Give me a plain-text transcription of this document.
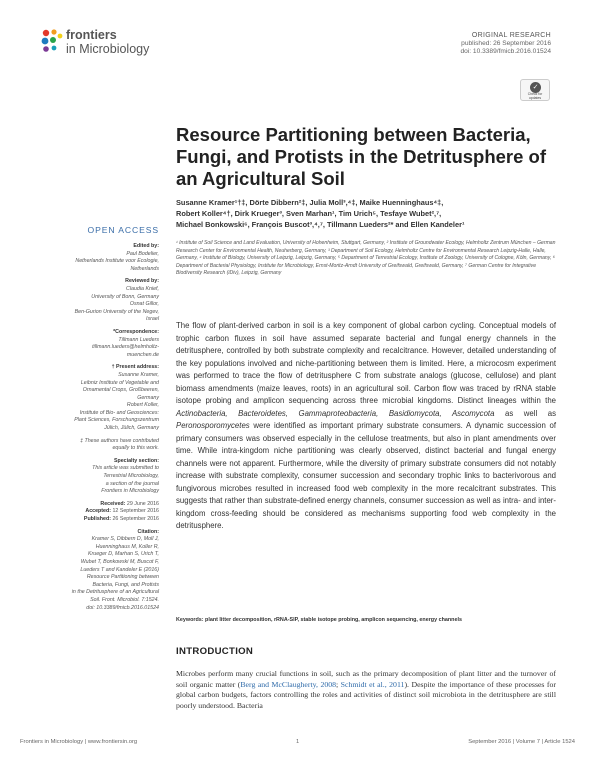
frontiers
in Microbiology
ORIGINAL RESEARCH
published: 26 September 2016
doi: 10.3389/fmicb.2016.01524
✓
Check for
updates
Resource Partitioning between Bacteria, Fungi, and Protists in the Detritusphere of an Agricultural Soil
Susanne Kramer¹†‡, Dörte Dibbern²‡, Julia Moll³,⁴‡, Maike Huenninghaus⁴‡,
Robert Koller⁴†, Dirk Krueger³, Sven Marhan¹, Tim Urich⁵, Tesfaye Wubet²,⁷,
Michael Bonkowski⁶, François Buscot³,⁴,⁷, Tillmann Lueders²* and Ellen Kandeler¹
¹ Institute of Soil Science and Land Evaluation, University of Hohenheim, Stuttgart, Germany, ² Institute of Groundwater Ecology, Helmholtz Zentrum München – German Research Center for Environmental Health, Neuherberg, Germany, ³ Department of Soil Ecology, Helmholtz Centre for Environmental Research Leipzig-Halle, Halle, Germany, ⁴ Institute of Biology, University of Leipzig, Leipzig, Germany, ⁵ Department of Terrestrial Ecology, Institute of Zoology, University of Cologne, Köln, Germany, ⁶ Department of Bacterial Physiology, Institute for Microbiology, Ernst-Moritz-Arndt University of Greifswald, Greifswald, Germany, ⁷ German Centre for Integrative Biodiversity Research (iDiv), Leipzig, Germany
OPEN ACCESS
Edited by:
Paul Bodelier,
Netherlands Institute voor Ecologie,
Netherlands
Reviewed by:
Claudia Knief,
University of Bonn, Germany
Osnat Gillor,
Ben-Gurion University of the Negev,
Israel
*Correspondence:
Tillmann Lueders
tillmann.lueders@helmholtz-
muenchen.de
† Present address:
Susanne Kramer,
Leibniz Institute of Vegetable and
Ornamental Crops, Großbeeren,
Germany
Robert Koller,
Institute of Bio- and Geosciences:
Plant Sciences, Forschungszentrum
Jülich, Jülich, Germany
‡ These authors have contributed
equally to this work.
Specialty section:
This article was submitted to
Terrestrial Microbiology,
a section of the journal
Frontiers in Microbiology
Received: 29 June 2016
Accepted: 12 September 2016
Published: 26 September 2016
Citation:
Kramer S, Dibbern D, Moll J,
Huenninghaus M, Koller R,
Krueger D, Marhan S, Urich T,
Wubet T, Bonkowski M, Buscot F,
Lueders T and Kandeler E (2016)
Resource Partitioning between
Bacteria, Fungi, and Protists
in the Detritusphere of an Agricultural
Soil. Front. Microbiol. 7:1524.
doi: 10.3389/fmicb.2016.01524
The flow of plant-derived carbon in soil is a key component of global carbon cycling. Conceptual models of trophic carbon fluxes in soil have assumed separate bacterial and fungal energy channels in the detritusphere, controlled by both substrate complexity and recalcitrance. However, detailed understanding of the key populations involved and niche-partitioning between them is limited. Here, a microcosm experiment was performed to trace the flow of detritusphere C from substrate analogs (glucose, cellulose) and plant biomass amendments (maize leaves, roots) in an agricultural soil. Carbon flow was traced by rRNA stable isotope probing and amplicon sequencing across three microbial kingdoms. Distinct lineages within the Actinobacteria, Bacteroidetes, Gammaproteobacteria, Basidiomycota, Ascomycota as well as Peronosporomycetes were identified as important primary substrate consumers. A dynamic succession of primary consumers was observed especially in the cellulose treatments, but also in plant amendments over time. While intra-kingdom niche partitioning was clearly observed, distinct bacterial and fungal energy channels were not apparent. Furthermore, while the diversity of primary substrate consumers did not notably increase with substrate complexity, consumer succession and secondary trophic links to bacterivorous and fungivorous microbes resulted in increased food web complexity in the more recalcitrant substrates. This suggests that rather than substrate-defined energy channels, consumer succession as well as intra- and inter-kingdom cross-feeding should be considered as mechanisms supporting food web complexity in the detritusphere.
Keywords: plant litter decomposition, rRNA-SIP, stable isotope probing, amplicon sequencing, energy channels
INTRODUCTION
Microbes perform many crucial functions in soil, such as the primary decomposition of plant litter and the turnover of soil organic matter (Berg and McClaugherty, 2008; Schmidt et al., 2011). Despite the importance of these processes for global carbon budgets, factors controlling the roles and activities of distinct soil microbiota in the detritusphere are still poorly understood. Bacteria
Frontiers in Microbiology | www.frontiersin.org	1	September 2016 | Volume 7 | Article 1524
